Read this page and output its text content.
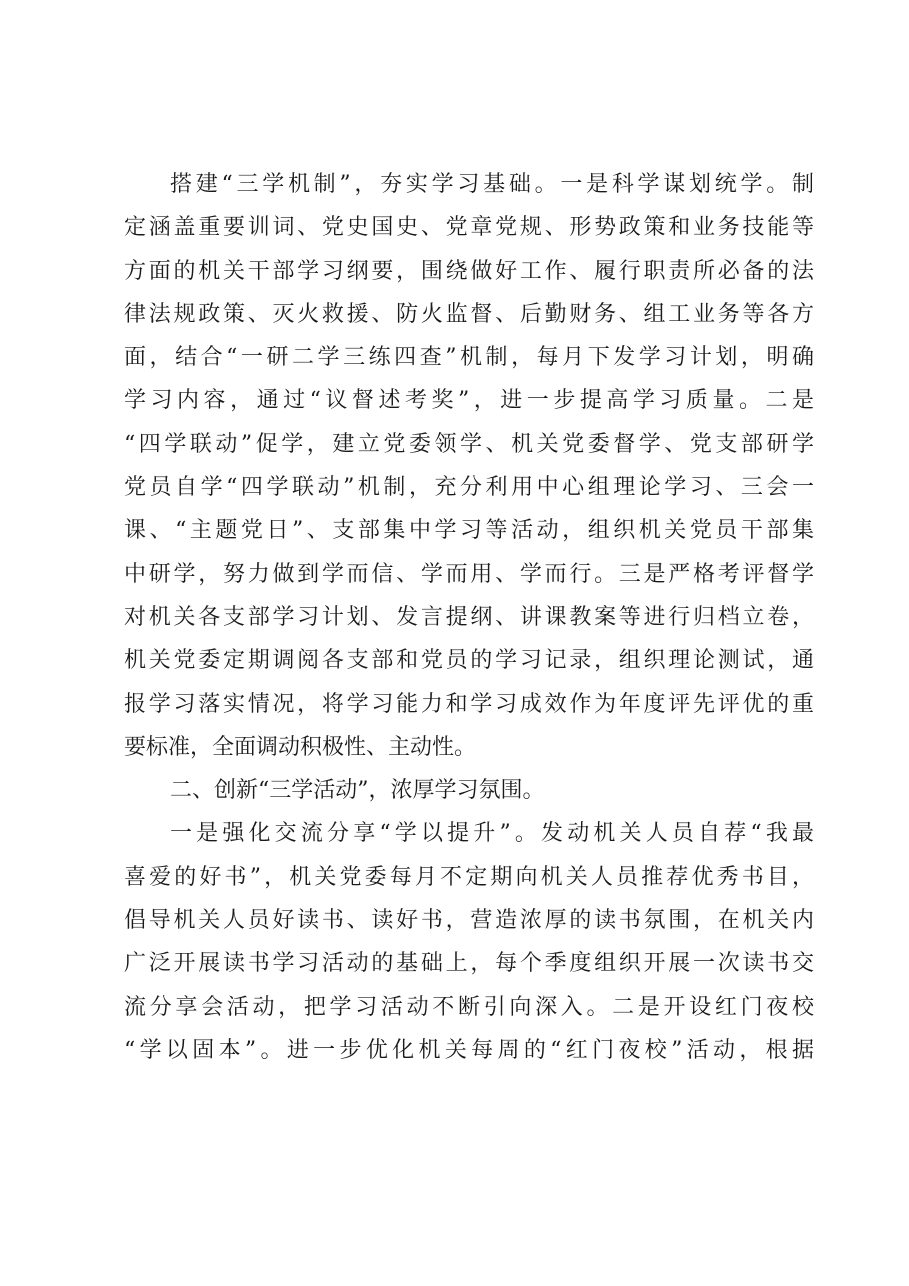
搭建“三学机制”，夯实学习基础。一是科学谋划统学。制
定涵盖重要训词、党史国史、党章党规、形势政策和业务技能等
方面的机关干部学习纲要，围绕做好工作、履行职责所必备的法
律法规政策、灭火救援、防火监督、后勤财务、组工业务等各方
面，结合“一研二学三练四查”机制，每月下发学习计划，明确
学习内容，通过“议督述考奖”，进一步提高学习质量。二是
“四学联动”促学，建立党委领学、机关党委督学、党支部研学
党员自学“四学联动”机制，充分利用中心组理论学习、三会一
课、“主题党日”、支部集中学习等活动，组织机关党员干部集
中研学，努力做到学而信、学而用、学而行。三是严格考评督学
对机关各支部学习计划、发言提纲、讲课教案等进行归档立卷，
机关党委定期调阅各支部和党员的学习记录，组织理论测试，通
报学习落实情况，将学习能力和学习成效作为年度评先评优的重
要标准，全面调动积极性、主动性。
二、创新“三学活动”，浓厚学习氛围。
一是强化交流分享“学以提升”。发动机关人员自荐“我最
喜爱的好书”，机关党委每月不定期向机关人员推荐优秀书目，
倡导机关人员好读书、读好书，营造浓厚的读书氛围，在机关内
广泛开展读书学习活动的基础上，每个季度组织开展一次读书交
流分享会活动，把学习活动不断引向深入。二是开设红门夜校
“学以固本”。进一步优化机关每周的“红门夜校”活动，根据
